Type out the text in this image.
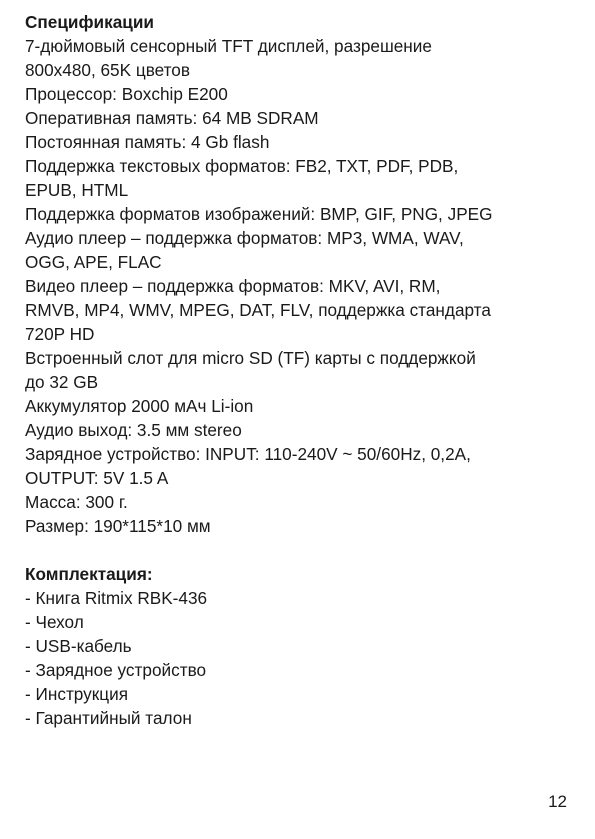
Спецификации

7-дюймовый сенсорный TFT дисплей, разрешение

800х480, 65K цветов

Процессор: Boxchip E200

Оперативная память: 64 MB SDRAM

Постоянная память: 4 Gb flash

Поддержка текстовых форматов: FB2, TXT, PDF, PDB,

EPUB, HTML

Поддержка форматов изображений: BMP, GIF, PNG, JPEG

Аудио плеер – поддержка форматов: MP3, WMA, WAV,

OGG, APE, FLAC

Видео плеер – поддержка форматов: MKV, AVI, RM,

RMVB, MP4, WMV, MPEG, DAT, FLV, поддержка стандарта

720P HD

Встроенный слот для micro SD (TF) карты с поддержкой

до 32 GB

Аккумулятор 2000 мАч Li-ion

Аудио выход: 3.5 мм stereo

Зарядное устройство: INPUT: 110-240V ~ 50/60Hz, 0,2A,

OUTPUT: 5V 1.5 A

Масса: 300 г.

Размер: 190*115*10 мм

Комплектация:

- Книга Ritmix RBK-436

- Чехол

- USB-кабель

- Зарядное устройство

- Инструкция

- Гарантийный талон

12
